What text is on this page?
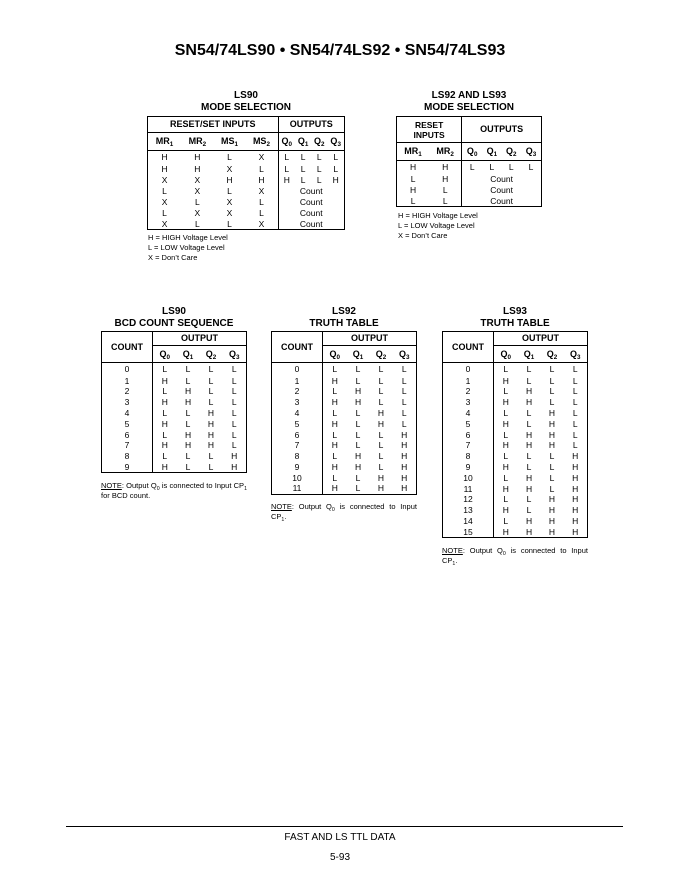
SN54/74LS90 • SN54/74LS92 • SN54/74LS93
LS90
MODE SELECTION
RESET/SET INPUTS				OUTPUTS			
$MR_1$	$MR_2$	$MS_1$	$MS_2$	$Q_0$	$Q_1$	$Q_2$	$Q_3$
H	H	L	X	L	L	L	L
H	H	X	L	L	L	L	L
X	X	H	H	H	L	L	H
L	X	L	X	Count			
X	L	X	L	Count			
L	X	X	L	Count			
X	L	L	X	Count			
LS92 AND LS93
MODE SELECTION
RESET
INPUTS		OUTPUTS			
$MR_1$	$MR_2$	$Q_0$	$Q_1$	$Q_2$	$Q_3$
H	H	L	L	L	L
L	H	Count			
H	L	Count			
L	L	Count			
H = HIGH Voltage Level
L = LOW Voltage Level
X = Don’t Care
H = HIGH Voltage Level
L = LOW Voltage Level
X = Don’t Care
LS90
BCD COUNT SEQUENCE
COUNT	OUTPUT			
	$Q_0$	$Q_1$	$Q_2$	$Q_3$
0	L	L	L	L
1	H	L	L	L
2	L	H	L	L
3	H	H	L	L
4	L	L	H	L
5	H	L	H	L
6	L	H	H	L
7	H	H	H	L
8	L	L	L	H
9	H	L	L	H
NOTE: Output $Q_0$ is connected to Input $CP_1$ for BCD count.
LS92
TRUTH TABLE
COUNT	OUTPUT			
	$Q_0$	$Q_1$	$Q_2$	$Q_3$
0	L	L	L	L
1	H	L	L	L
2	L	H	L	L
3	H	H	L	L
4	L	L	H	L
5	H	L	H	L
6	L	L	L	H
7	H	L	L	H
8	L	H	L	H
9	H	H	L	H
10	L	L	H	H
11	H	L	H	H
NOTE: Output $Q_0$ is connected to Input $CP_1$.
LS93
TRUTH TABLE
COUNT	OUTPUT			
	$Q_0$	$Q_1$	$Q_2$	$Q_3$
0	L	L	L	L
1	H	L	L	L
2	L	H	L	L
3	H	H	L	L
4	L	L	H	L
5	H	L	H	L
6	L	H	H	L
7	H	H	H	L
8	L	L	L	H
9	H	L	L	H
10	L	H	L	H
11	H	H	L	H
12	L	L	H	H
13	H	L	H	H
14	L	H	H	H
15	H	H	H	H
NOTE: Output $Q_0$ is connected to Input $CP_1$.
FAST AND LS TTL DATA
5-93
